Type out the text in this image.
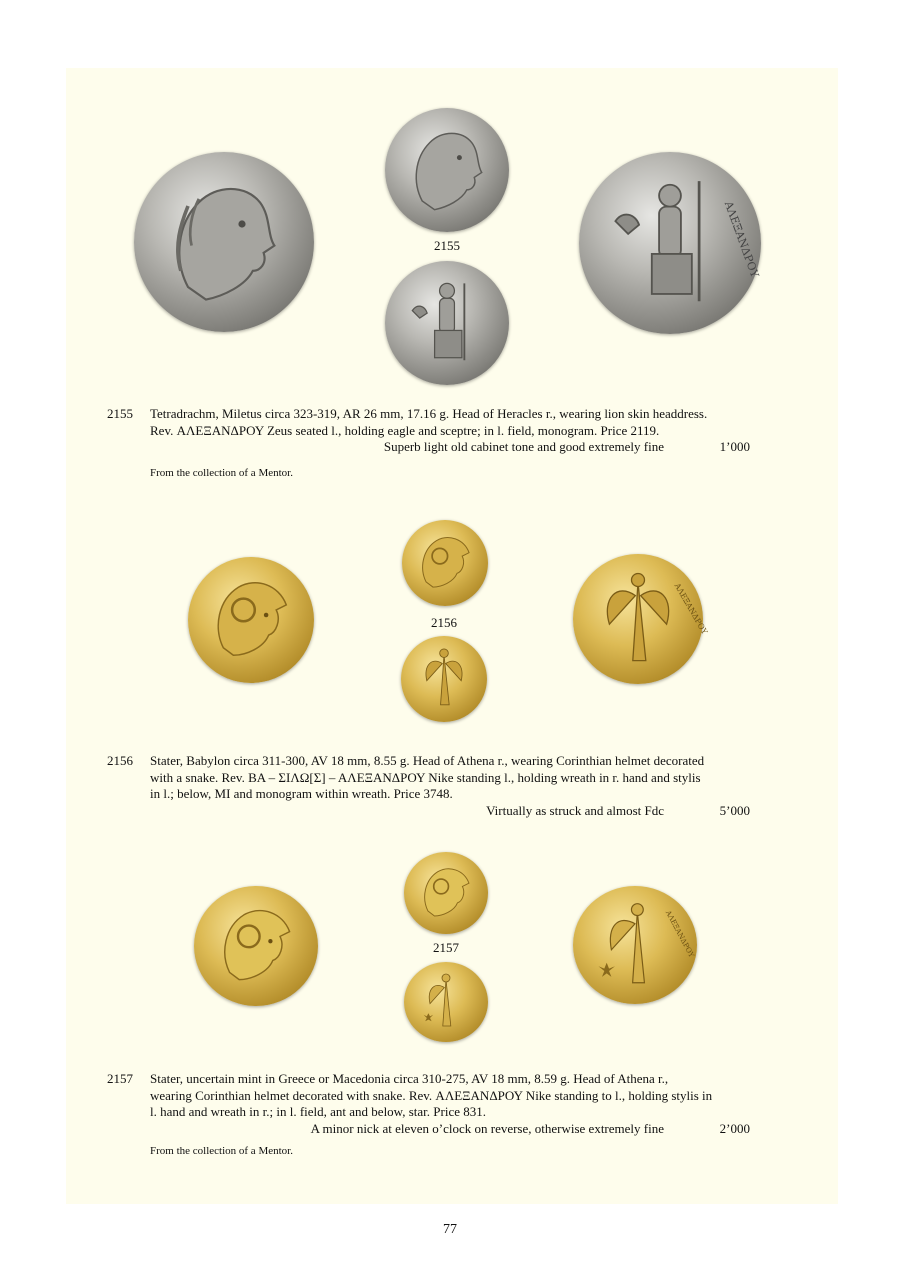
2155	ΑΛΕΞΑΝΔΡΟΥ
2155 Tetradrachm, Miletus circa 323-319, AR 26 mm, 17.16 g. Head of Heracles r., wearing lion skin headdress.
Rev. ΑΛΕΞΑΝΔΡΟΥ Zeus seated l., holding eagle and sceptre; in l. field, monogram. Price 2119.
Superb light old cabinet tone and good extremely fine	1’000
From the collection of a Mentor.
2156	ΑΛΕΞΑΝΔΡΟΥ
2156 Stater, Babylon circa 311-300, AV 18 mm, 8.55 g. Head of Athena r., wearing Corinthian helmet decorated
with a snake. Rev. ΒΑ – ΣΙΛΩ[Σ] – ΑΛΕΞΑΝΔΡΟΥ Nike standing l., holding wreath in r. hand and stylis
in l.; below, MI and monogram within wreath. Price 3748.
Virtually as struck and almost Fdc	5’000
2157	ΑΛΕΞΑΝΔΡΟΥ
2157 Stater, uncertain mint in Greece or Macedonia circa 310-275, AV 18 mm, 8.59 g. Head of Athena r.,
wearing Corinthian helmet decorated with snake. Rev. ΑΛΕΞΑΝΔΡΟΥ Nike standing to l., holding stylis in
l. hand and wreath in r.; in l. field, ant and below, star. Price 831.
A minor nick at eleven o’clock on reverse, otherwise extremely fine	2’000
From the collection of a Mentor.
77
